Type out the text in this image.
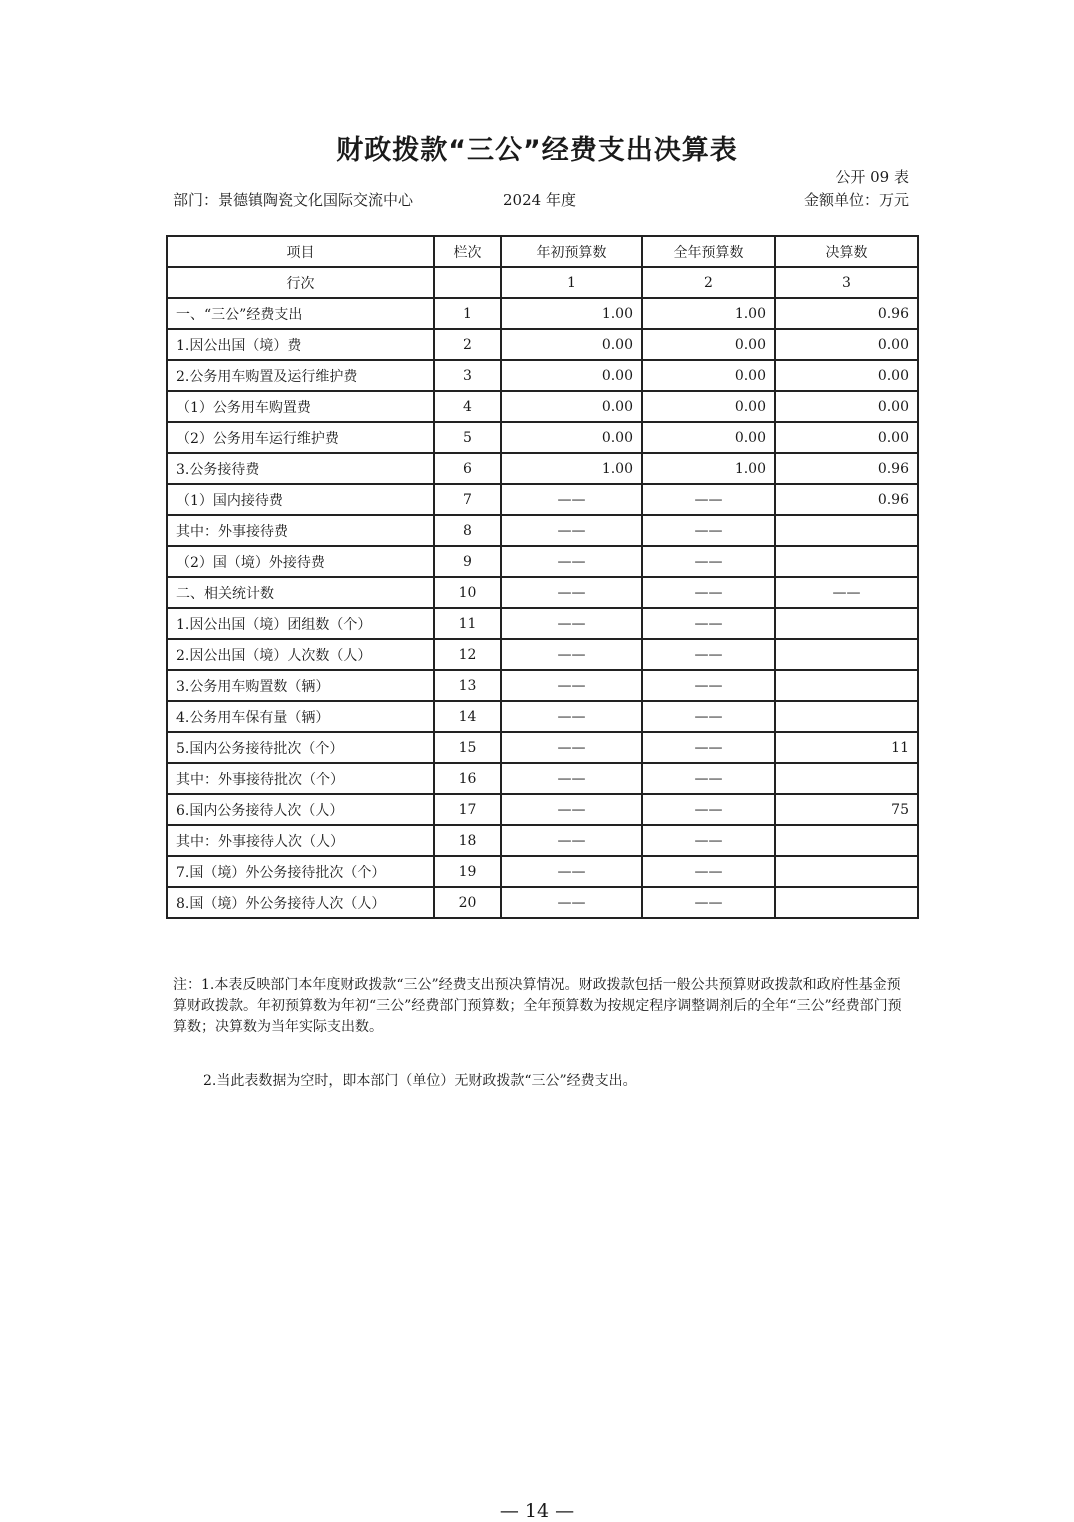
财政拨款“三公”经费支出决算表
公开 09 表
部门：景德镇陶瓷文化国际交流中心	2024 年度	金额单位：万元
项目	栏次	年初预算数	全年预算数	决算数
行次		1	2	3
一、“三公”经费支出	1	1.00	1.00	0.96
1.因公出国（境）费	2	0.00	0.00	0.00
2.公务用车购置及运行维护费	3	0.00	0.00	0.00
（1）公务用车购置费	4	0.00	0.00	0.00
（2）公务用车运行维护费	5	0.00	0.00	0.00
3.公务接待费	6	1.00	1.00	0.96
（1）国内接待费	7	——	——	0.96
其中：外事接待费	8	——	——	
（2）国（境）外接待费	9	——	——	
二、相关统计数	10	——	——	——
1.因公出国（境）团组数（个）	11	——	——	
2.因公出国（境）人次数（人）	12	——	——	
3.公务用车购置数（辆）	13	——	——	
4.公务用车保有量（辆）	14	——	——	
5.国内公务接待批次（个）	15	——	——	11
其中：外事接待批次（个）	16	——	——	
6.国内公务接待人次（人）	17	——	——	75
其中：外事接待人次（人）	18	——	——	
7.国（境）外公务接待批次（个）	19	——	——	
8.国（境）外公务接待人次（人）	20	——	——	
注：1.本表反映部门本年度财政拨款“三公”经费支出预决算情况。财政拨款包括一般公共预算财政拨款和政府性基金预算财政拨款。年初预算数为年初“三公”经费部门预算数；全年预算数为按规定程序调整调剂后的全年“三公”经费部门预算数；决算数为当年实际支出数。
2.当此表数据为空时，即本部门（单位）无财政拨款“三公”经费支出。
— 14 —
